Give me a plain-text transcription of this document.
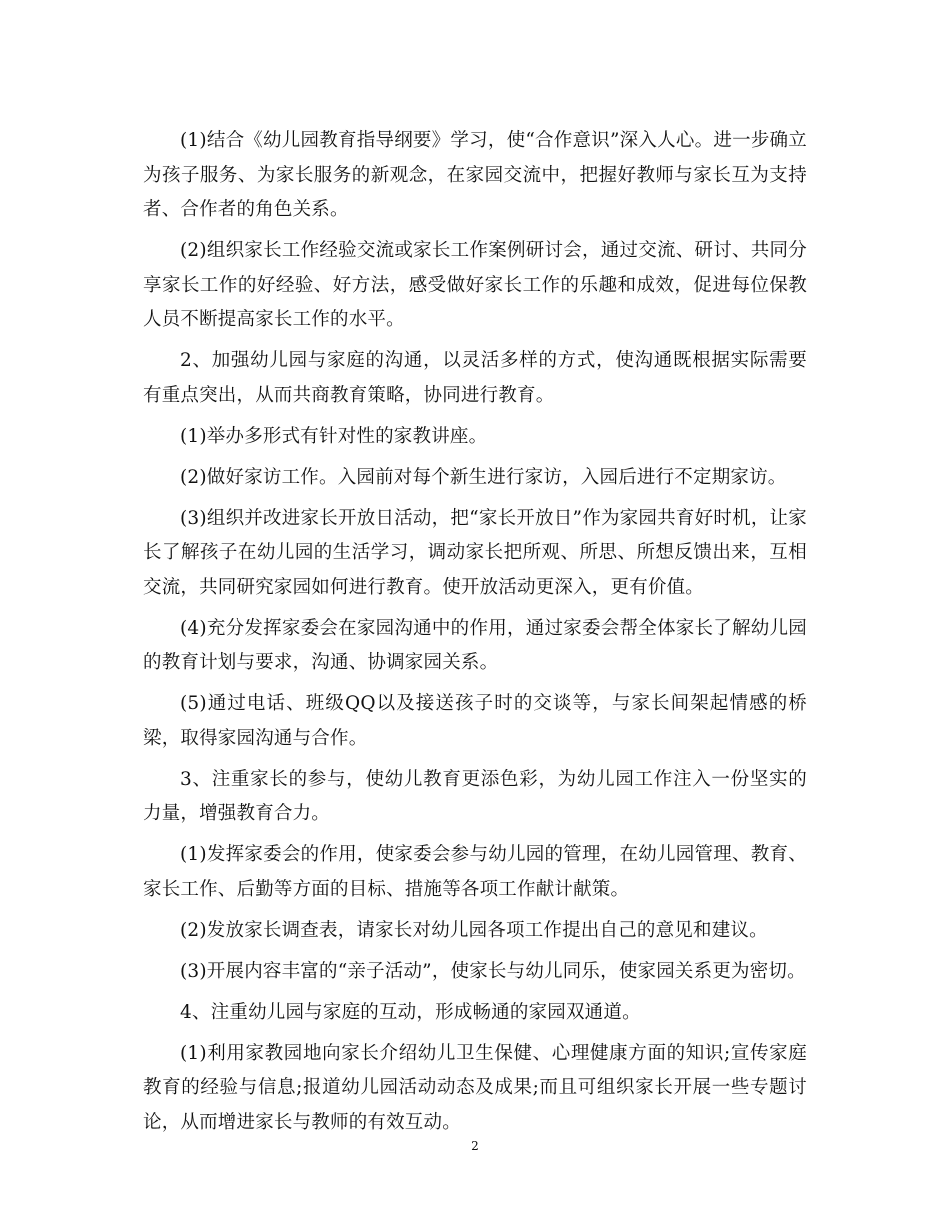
(1)结合《幼儿园教育指导纲要》学习，使“合作意识”深入人心。进一步确立为孩子服务、为家长服务的新观念，在家园交流中，把握好教师与家长互为支持者、合作者的角色关系。

(2)组织家长工作经验交流或家长工作案例研讨会，通过交流、研讨、共同分享家长工作的好经验、好方法，感受做好家长工作的乐趣和成效，促进每位保教人员不断提高家长工作的水平。

2、加强幼儿园与家庭的沟通，以灵活多样的方式，使沟通既根据实际需要有重点突出，从而共商教育策略，协同进行教育。

(1)举办多形式有针对性的家教讲座。

(2)做好家访工作。入园前对每个新生进行家访，入园后进行不定期家访。

(3)组织并改进家长开放日活动，把“家长开放日”作为家园共育好时机，让家长了解孩子在幼儿园的生活学习，调动家长把所观、所思、所想反馈出来，互相交流，共同研究家园如何进行教育。使开放活动更深入，更有价值。

(4)充分发挥家委会在家园沟通中的作用，通过家委会帮全体家长了解幼儿园的教育计划与要求，沟通、协调家园关系。

(5)通过电话、班级QQ以及接送孩子时的交谈等，与家长间架起情感的桥梁，取得家园沟通与合作。

3、注重家长的参与，使幼儿教育更添色彩，为幼儿园工作注入一份坚实的力量，增强教育合力。

(1)发挥家委会的作用，使家委会参与幼儿园的管理，在幼儿园管理、教育、家长工作、后勤等方面的目标、措施等各项工作献计献策。

(2)发放家长调查表，请家长对幼儿园各项工作提出自己的意见和建议。

(3)开展内容丰富的“亲子活动”，使家长与幼儿同乐，使家园关系更为密切。

4、注重幼儿园与家庭的互动，形成畅通的家园双通道。

(1)利用家教园地向家长介绍幼儿卫生保健、心理健康方面的知识;宣传家庭教育的经验与信息;报道幼儿园活动动态及成果;而且可组织家长开展一些专题讨论，从而增进家长与教师的有效互动。

2
